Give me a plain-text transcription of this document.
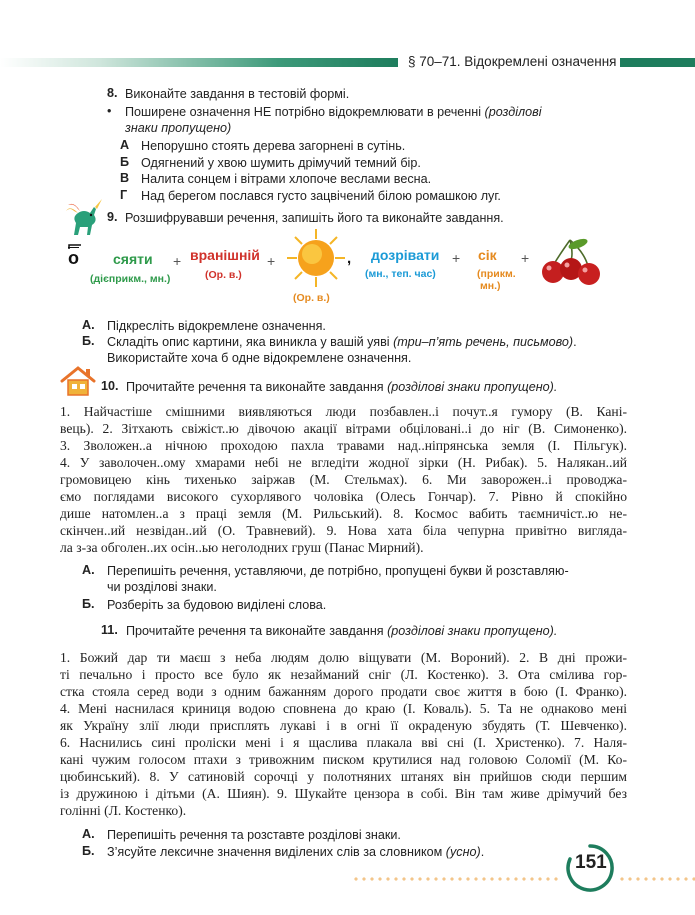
§ 70–71. Відокремлені означення
8. Виконайте завдання в тестовій формі.
• Поширене означення НЕ потрібно відокремлювати в реченні (розділові
знаки пропущено)
А Непорушно стоять дерева загорнені в сутінь.
Б Одягнений у хвою шумить дрімучий темний бір.
В Налита сонцем і вітрами хлопоче веслами весна.
Г Над берегом послався густо зацвічений білою ромашкою луг.
9. Розшифрувавши речення, запишіть його та виконайте завдання.
о сяяти
(дієприкм., мн.)
+ вранішній
(Ор. в.)
+
(Ор. в.)
, дозрівати
(мн., теп. час)
+ сік
(прикм.
мн.)
+
А. Підкресліть відокремлене означення.
Б. Складіть опис картини, яка виникла у вашій уяві (три–п’ять речень, письмово).
Використайте хоча б одне відокремлене означення.
10. Прочитайте речення та виконайте завдання (розділові знаки пропущено).
1. Найчастіше смішними виявляються люди позбавлен..і почут..я гумору (В. Кані-
вець). 2. Зітхають свіжіст..ю дівочою акації вітрами обціловані..і до ніг (В. Симоненко).
3. Зволожен..а нічною проходою пахла травами над..ніпрянська земля (І. Пільгук).
4. У заволочен..ому хмарами небі не вгледіти жодної зірки (Н. Рибак). 5. Налякан..ий
громовицею кінь тихенько заіржав (М. Стельмах). 6. Ми заворожен..і проводжа-
ємо поглядами високого сухорлявого чоловіка (Олесь Гончар). 7. Рівно й спокійно
дише натомлен..а з праці земля (М. Рильський). 8. Космос вабить таємничіст..ю не-
скінчен..ий незвідан..ий (О. Травневий). 9. Нова хата біла чепурна привітно вигляда-
ла з-за обголен..их осін..ью неголодних груш (Панас Мирний).
А. Перепишіть речення, уставляючи, де потрібно, пропущені букви й розставляю-
чи розділові знаки.
Б. Розберіть за будовою виділені слова.
11. Прочитайте речення та виконайте завдання (розділові знаки пропущено).
1. Божий дар ти маєш з неба людям долю віщувати (М. Вороний). 2. В дні прожи-
ті печально і просто все було як незайманий сніг (Л. Костенко). 3. Ота смілива гор-
стка стояла серед води з одним бажанням дорого продати своє життя в бою (І. Франко).
4. Мені наснилася криниця водою сповнена до краю (І. Коваль). 5. Та не однаково мені
як Україну злії люди присплять лукаві і в огні її окраденую збудять (Т. Шевченко).
6. Наснились сині пролiски мені і я щаслива плакала вві сні (І. Христенко). 7. Наля-
кані чужим голосом птахи з тривожним писком крутилися над головою Соломії (М. Ко-
цюбинський). 8. У сатиновій сорочці у полотняних штанях він прийшов сюди першим
із дружиною і дітьми (А. Шиян). 9. Шукайте цензора в собі. Він там живе дрімучий без
голінні (Л. Костенко).
А. Перепишіть речення та розставте розділові знаки.
Б. З’ясуйте лексичне значення виділених слів за словником (усно).	151
